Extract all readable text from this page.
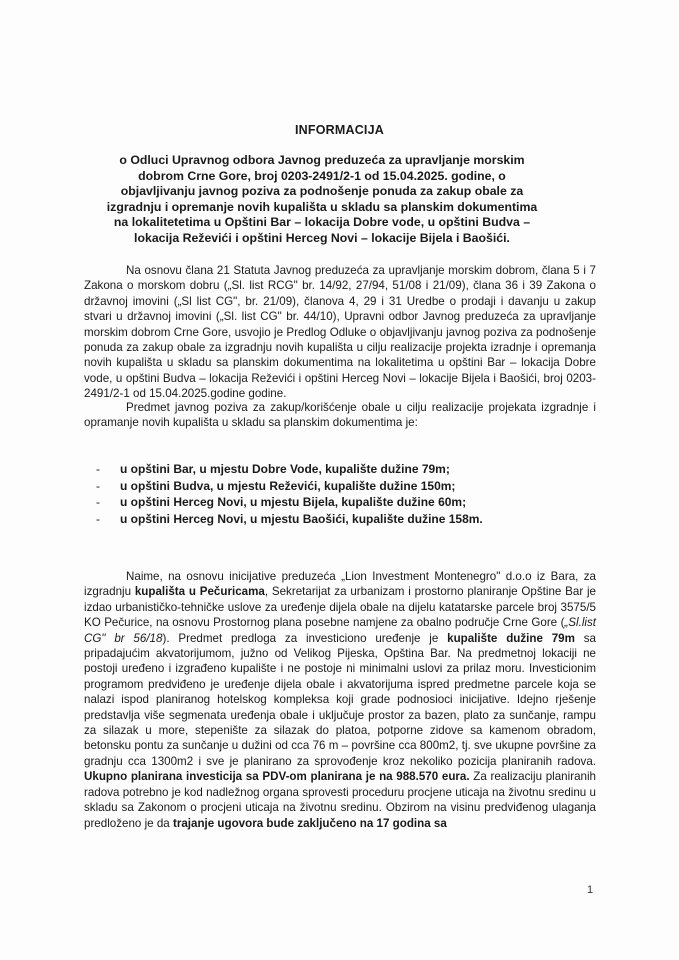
INFORMACIJA
o Odluci Upravnog odbora Javnog preduzeća za upravljanje morskim dobrom Crne Gore, broj 0203-2491/2-1 od 15.04.2025. godine, o objavljivanju javnog poziva za podnošenje ponuda za zakup obale za izgradnju i opremanje novih kupališta u skladu sa planskim dokumentima na lokalitetetima u Opštini Bar – lokacija Dobre vode, u opštini Budva – lokacija Reževići i opštini Herceg Novi – lokacije Bijela i Baošići.

Na osnovu člana 21 Statuta Javnog preduzeća za upravljanje morskim dobrom, člana 5 i 7 Zakona o morskom dobru („Sl. list RCG" br. 14/92, 27/94, 51/08 i 21/09), člana 36 i 39 Zakona o državnoj imovini („Sl list CG", br. 21/09), članova 4, 29 i 31 Uredbe o prodaji i davanju u zakup stvari u državnoj imovini („Sl. list CG" br. 44/10), Upravni odbor Javnog preduzeća za upravljanje morskim dobrom Crne Gore, usvojio je Predlog Odluke o objavljivanju javnog poziva za podnošenje ponuda za zakup obale za izgradnju novih kupališta u cilju realizacije projekta izradnje i opremanja novih kupališta u skladu sa planskim dokumentima na lokalitetima u opštini Bar – lokacija Dobre vode, u opštini Budva – lokacija Reževići i opštini Herceg Novi – lokacije Bijela i Baošići, broj 0203-2491/2-1 od 15.04.2025.godine godine.

Predmet javnog poziva za zakup/korišćenje obale u cilju realizacije projekata izgradnje i opramanje novih kupališta u skladu sa planskim dokumentima je:

- u opštini Bar, u mjestu Dobre Vode, kupalište dužine 79m;
- u opštini Budva, u mjestu Reževići, kupalište dužine 150m;
- u opštini Herceg Novi, u mjestu Bijela, kupalište dužine 60m;
- u opštini Herceg Novi, u mjestu Baošići, kupalište dužine 158m.

Naime, na osnovu inicijative preduzeća „Lion Investment Montenegro" d.o.o iz Bara, za izgradnju kupališta u Pečuricama, Sekretarijat za urbanizam i prostorno planiranje Opštine Bar je izdao urbanističko-tehničke uslove za uređenje dijela obale na dijelu katatarske parcele broj 3575/5 KO Pečurice, na osnovu Prostornog plana posebne namjene za obalno područje Crne Gore („Sl.list CG" br 56/18). Predmet predloga za investiciono uređenje je kupalište dužine 79m sa pripadajućim akvatorijumom, južno od Velikog Pijeska, Opština Bar. Na predmetnoj lokaciji ne postoji uređeno i izgrađeno kupalište i ne postoje ni minimalni uslovi za prilaz moru. Investicionim programom predviđeno je uređenje dijela obale i akvatorijuma ispred predmetne parcele koja se nalazi ispod planiranog hotelskog kompleksa koji grade podnosioci inicijative. Idejno rješenje predstavlja više segmenata uređenja obale i uključuje prostor za bazen, plato za sunčanje, rampu za silazak u more, stepenište za silazak do platoa, potporne zidove sa kamenom obradom, betonsku pontu za sunčanje u dužini od cca 76 m – površine cca 800m2, tj. sve ukupne površine za gradnju cca 1300m2 i sve je planirano za sprovođenje kroz nekoliko pozicija planiranih radova. Ukupno planirana investicija sa PDV-om planirana je na 988.570 eura. Za realizaciju planiranih radova potrebno je kod nadležnog organa sprovesti proceduru procjene uticaja na životnu sredinu u skladu sa Zakonom o procjeni uticaja na životnu sredinu. Obzirom na visinu predviđenog ulaganja predloženo je da trajanje ugovora bude zaključeno na 17 godina sa

1
